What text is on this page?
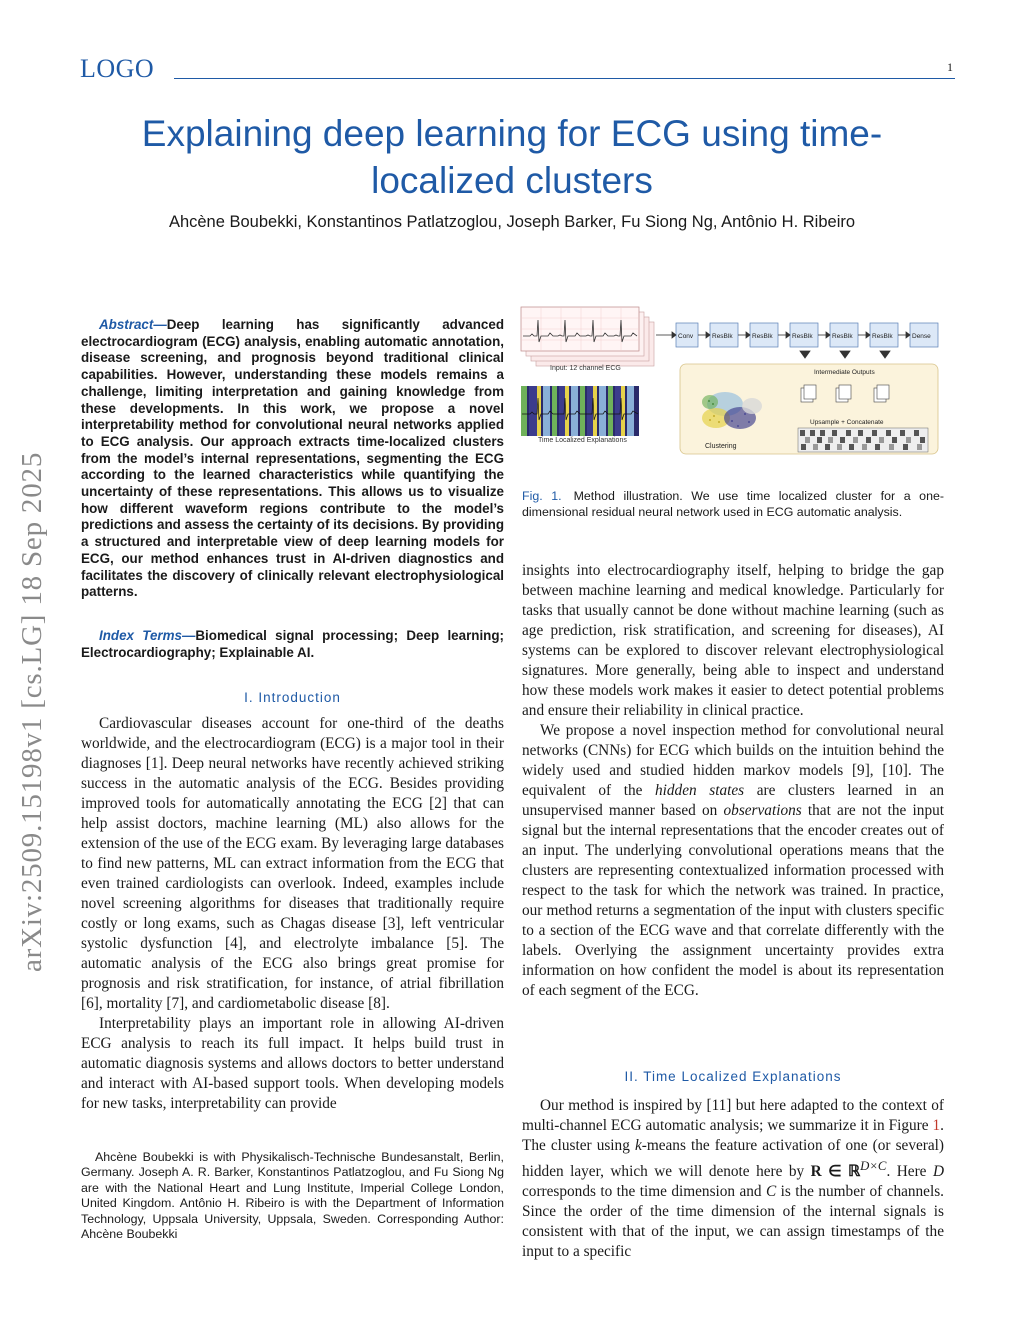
LOGO	1
arXiv:2509.15198v1 [cs.LG] 18 Sep 2025
Explaining deep learning for ECG using time-localized clusters
Ahcène Boubekki, Konstantinos Patlatzoglou, Joseph Barker, Fu Siong Ng, Antônio H. Ribeiro
Abstract—Deep learning has significantly advanced electrocardiogram (ECG) analysis, enabling automatic annotation, disease screening, and prognosis beyond traditional clinical capabilities. However, understanding these models remains a challenge, limiting interpretation and gaining knowledge from these developments. In this work, we propose a novel interpretability method for convolutional neural networks applied to ECG analysis. Our approach extracts time-localized clusters from the model’s internal representations, segmenting the ECG according to the learned characteristics while quantifying the uncertainty of these representations. This allows us to visualize how different waveform regions contribute to the model’s predictions and assess the certainty of its decisions. By providing a structured and interpretable view of deep learning models for ECG, our method enhances trust in AI-driven diagnostics and facilitates the discovery of clinically relevant electrophysiological patterns.
Index Terms—Biomedical signal processing; Deep learning; Electrocardiography; Explainable AI.
I. Introduction

Cardiovascular diseases account for one-third of the deaths worldwide, and the electrocardiogram (ECG) is a major tool in their diagnoses [1]. Deep neural networks have recently achieved striking success in the automatic analysis of the ECG. Besides providing improved tools for automatically annotating the ECG [2] that can help assist doctors, machine learning (ML) also allows for the extension of the use of the ECG exam. By leveraging large databases to find new patterns, ML can extract information from the ECG that even trained cardiologists can overlook. Indeed, examples include novel screening algorithms for diseases that traditionally require costly or long exams, such as Chagas disease [3], left ventricular systolic dysfunction [4], and electrolyte imbalance [5]. The automatic analysis of the ECG also brings great promise for prognosis and risk stratification, for instance, of atrial fibrillation [6], mortality [7], and cardiometabolic disease [8].

Interpretability plays an important role in allowing AI-driven ECG analysis to reach its full impact. It helps build trust in automatic diagnosis systems and allows doctors to better understand and interact with AI-based support tools. When developing models for new tasks, interpretability can provide

Ahcène Boubekki is with Physikalisch-Technische Bundesanstalt, Berlin, Germany. Joseph A. R. Barker, Konstantinos Patlatzoglou, and Fu Siong Ng are with the National Heart and Lung Institute, Imperial College London, United Kingdom. Antônio H. Ribeiro is with the Department of Information Technology, Uppsala University, Uppsala, Sweden. Corresponding Author: Ahcène Boubekki

Input: 12 channel ECG
Time Localized Explanations
Conv	ResBlk	ResBlk	ResBlk	ResBlk	ResBlk	Dense
Intermediate Outputs
Upsample + Concatenate
Clustering
Fig. 1. Method illustration. We use time localized cluster for a one-dimensional residual neural network used in ECG automatic analysis.

insights into electrocardiography itself, helping to bridge the gap between machine learning and medical knowledge. Particularly for tasks that usually cannot be done without machine learning (such as age prediction, risk stratification, and screening for diseases), AI systems can be explored to discover relevant electrophysiological signatures. More generally, being able to inspect and understand how these models work makes it easier to detect potential problems and ensure their reliability in clinical practice.

We propose a novel inspection method for convolutional neural networks (CNNs) for ECG which builds on the intuition behind the widely used and studied hidden markov models [9], [10]. The equivalent of the hidden states are clusters learned in an unsupervised manner based on observations that are not the input signal but the internal representations that the encoder creates out of an input. The underlying convolutional operations means that the clusters are representing contextualized information processed with respect to the task for which the network was trained. In practice, our method returns a segmentation of the input with clusters specific to a section of the ECG wave and that correlate differently with the labels. Overlying the assignment uncertainty provides extra information on how confident the model is about its representation of each segment of the ECG.

II. Time Localized Explanations

Our method is inspired by [11] but here adapted to the context of multi-channel ECG automatic analysis; we summarize it in Figure 1. The cluster using k-means the feature activation of one (or several) hidden layer, which we will denote here by R ∈ ℝ$^{D\times C}$. Here D corresponds to the time dimension and C is the number of channels. Since the order of the time dimension of the internal signals is consistent with that of the input, we can assign timestamps of the input to a specific
